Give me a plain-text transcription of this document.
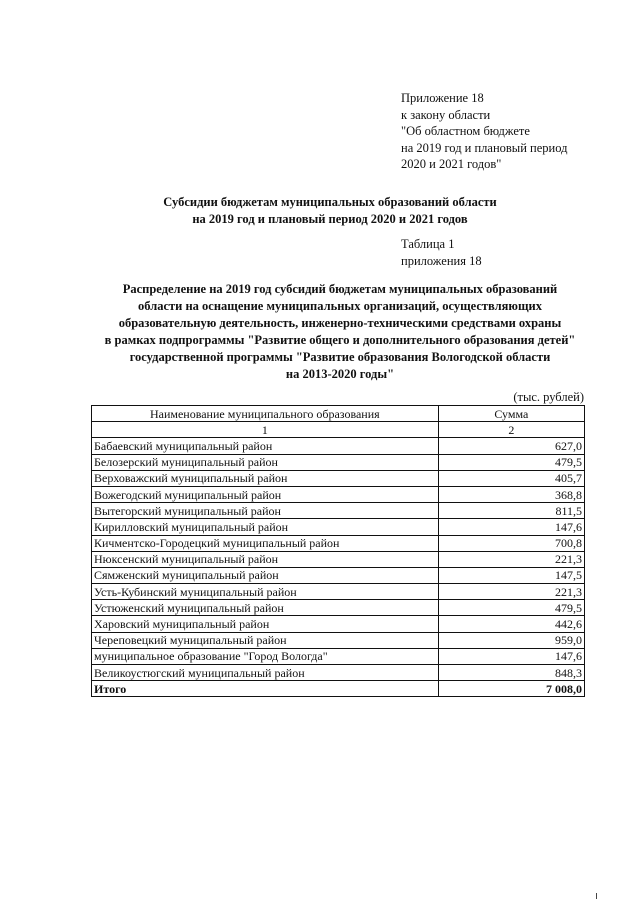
Приложение 18
к закону области
"Об областном бюджете
на 2019 год и плановый период
2020 и 2021 годов"
Субсидии бюджетам муниципальных образований области
на 2019 год и плановый период 2020 и 2021 годов
Таблица 1
приложения 18
Распределение на 2019 год субсидий бюджетам муниципальных образований
области на оснащение муниципальных организаций, осуществляющих
образовательную деятельность, инженерно-техническими средствами охраны
в рамках подпрограммы "Развитие общего и дополнительного образования детей"
государственной программы "Развитие образования Вологодской области
на 2013-2020 годы"
(тыс. рублей)
Наименование муниципального образования	Сумма
1	2
Бабаевский муниципальный район	627,0
Белозерский муниципальный район	479,5
Верховажский муниципальный район	405,7
Вожегодский муниципальный район	368,8
Вытегорский муниципальный район	811,5
Кирилловский муниципальный район	147,6
Кичментско-Городецкий муниципальный район	700,8
Нюксенский муниципальный район	221,3
Сямженский муниципальный район	147,5
Усть-Кубинский муниципальный район	221,3
Устюженский муниципальный район	479,5
Харовский муниципальный район	442,6
Череповецкий муниципальный район	959,0
муниципальное образование "Город Вологда"	147,6
Великоустюгский муниципальный район	848,3
Итого	7 008,0
